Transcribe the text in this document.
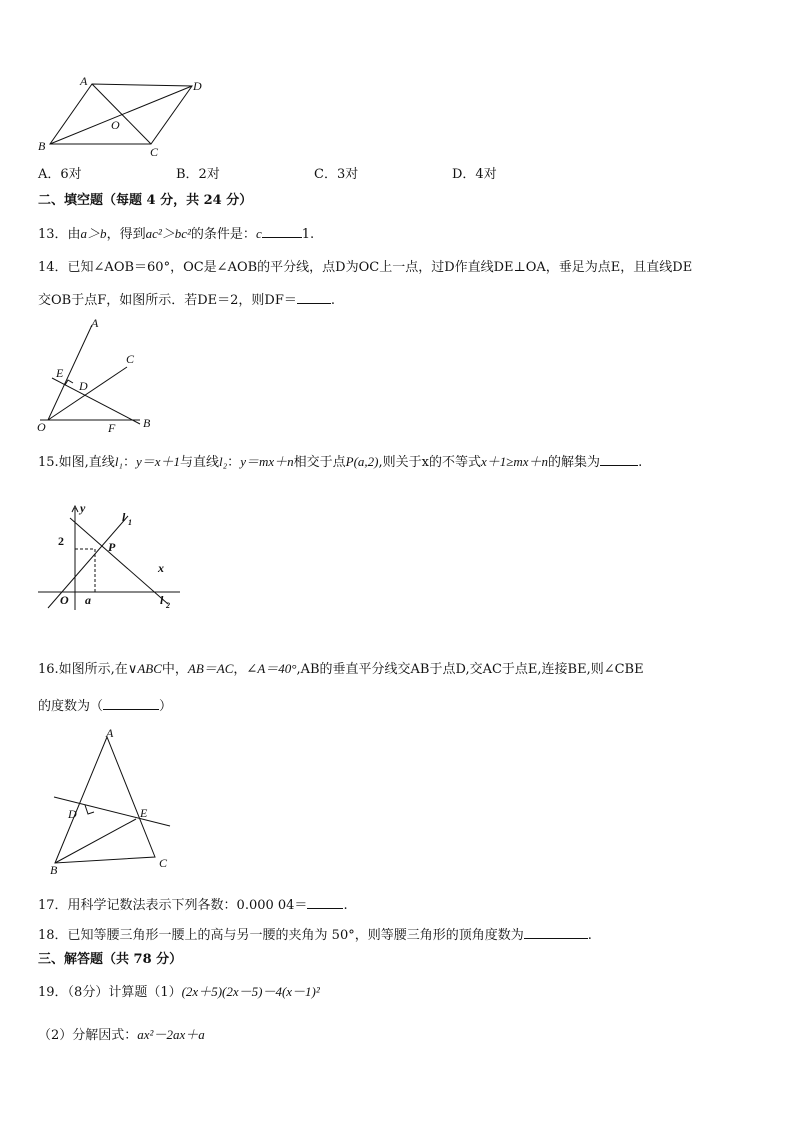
A	D
B	C
O
A．6对	B．2对	C．3对	D．4对
二、填空题（每题 4 分，共 24 分）
13．由a＞b，得到ac²＞bc²的条件是：c	1.
14．已知∠AOB＝60°，OC是∠AOB的平分线，点D为OC上一点，过D作直线DE⊥OA，垂足为点E，且直线DE
交OB于点F，如图所示．若DE＝2，则DF＝	.
A
C
E
D
O	F B
15.如图,直线l₁：y＝x＋1与直线l₂：y＝mx＋n相交于点P(a,2),则关于x的不等式x＋1≥mx＋n的解集为	.
y
l 1
2	P
x
O a	l 2
16.如图所示,在∨ABC中，AB＝AC，∠A＝40°,AB的垂直平分线交AB于点D,交AC于点E,连接BE,则∠CBE
的度数为（	）
A
D	E
B	C
17．用科学记数法表示下列各数：0.000 04＝	.
18．已知等腰三角形一腰上的高与另一腰的夹角为 50°，则等腰三角形的顶角度数为	.
三、解答题（共 78 分）
19．（8分）计算题（1）(2x＋5)(2x－5)－4(x－1)²
（2）分解因式：ax²－2ax＋a
